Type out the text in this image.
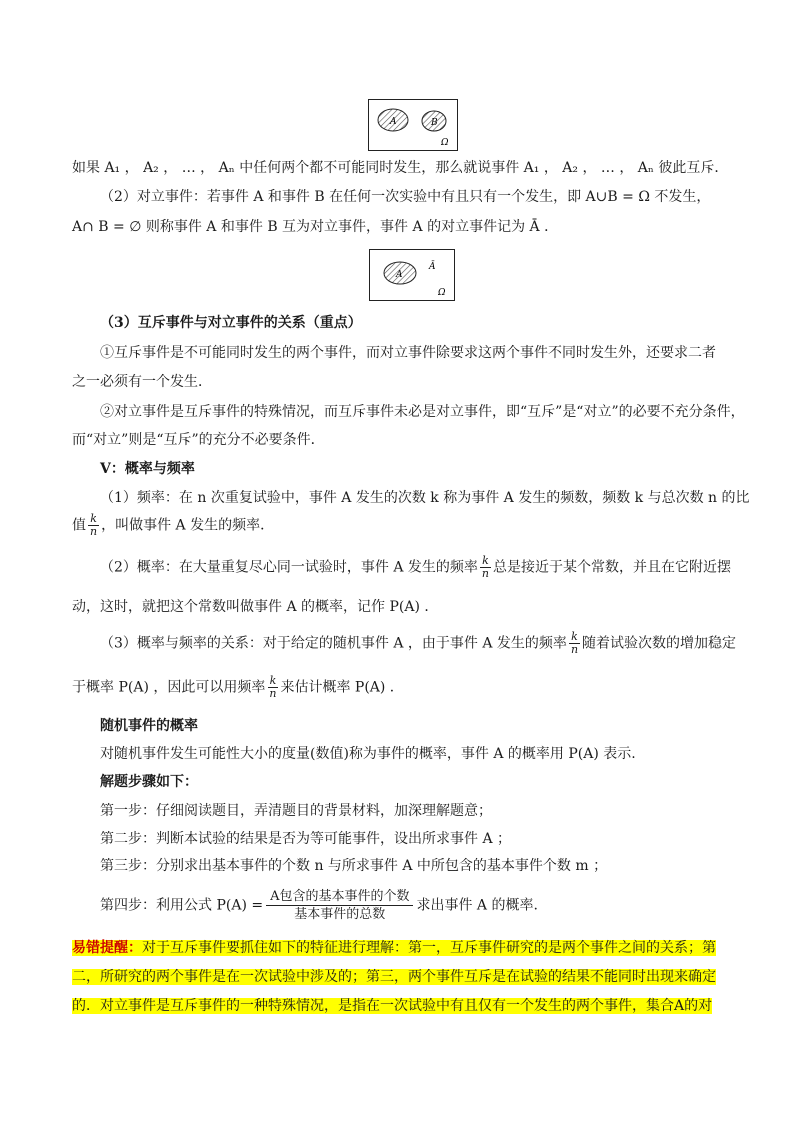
A	B
Ω
如果 A₁ ， A₂ ， … ， Aₙ 中任何两个都不可能同时发生，那么就说事件 A₁ ， A₂ ， … ， Aₙ 彼此互斥．
（2）对立事件：若事件 A 和事件 B 在任何一次实验中有且只有一个发生，即 A∪B = Ω 不发生，
A∩ B = ∅ 则称事件 A 和事件 B 互为对立事件，事件 A 的对立事件记为 Ā ．
A
Ā
Ω
（3）互斥事件与对立事件的关系（重点）
①互斥事件是不可能同时发生的两个事件，而对立事件除要求这两个事件不同时发生外，还要求二者
之一必须有一个发生．
②对立事件是互斥事件的特殊情况，而互斥事件未必是对立事件，即“互斥”是“对立”的必要不充分条件，
而“对立”则是“互斥”的充分不必要条件．
Ⅴ：概率与频率
（1）频率：在 n 次重复试验中，事件 A 发生的次数 k 称为事件 A 发生的频数，频数 k 与总次数 n 的比
值 $\frac{k}{n}$ ，叫做事件 A 发生的频率．
（2）概率：在大量重复尽心同一试验时，事件 A 发生的频率 $\frac{k}{n}$ 总是接近于某个常数，并且在它附近摆
动，这时，就把这个常数叫做事件 A 的概率，记作 P(A) ．
（3）概率与频率的关系：对于给定的随机事件 A ，由于事件 A 发生的频率 $\frac{k}{n}$ 随着试验次数的增加稳定
于概率 P(A) ，因此可以用频率 $\frac{k}{n}$ 来估计概率 P(A) ．
随机事件的概率
对随机事件发生可能性大小的度量(数值)称为事件的概率，事件 A 的概率用 P(A) 表示.
解题步骤如下：
第一步：仔细阅读题目，弄清题目的背景材料，加深理解题意；
第二步：判断本试验的结果是否为等可能事件，设出所求事件 A ；
第三步：分别求出基本事件的个数 n 与所求事件 A 中所包含的基本事件个数 m ；
第四步：利用公式 $P(A) = \frac{\text{A包含的基本事件的个数}}{\text{基本事件的总数}}$ 求出事件 A 的概率.
易错提醒：对于互斥事件要抓住如下的特征进行理解：第一，互斥事件研究的是两个事件之间的关系；第
二，所研究的两个事件是在一次试验中涉及的；第三，两个事件互斥是在试验的结果不能同时出现来确定
的．对立事件是互斥事件的一种特殊情况，是指在一次试验中有且仅有一个发生的两个事件，集合A的对
